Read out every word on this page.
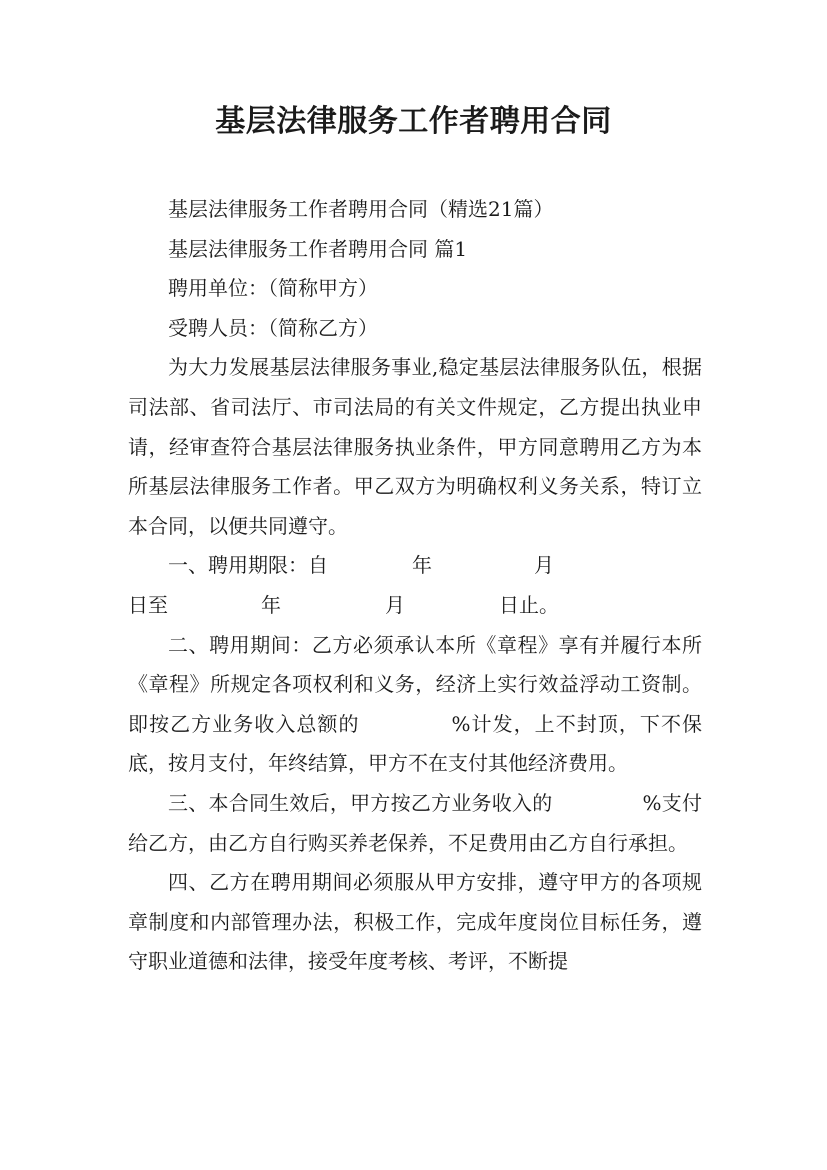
基层法律服务工作者聘用合同
基层法律服务工作者聘用合同（精选21篇）
基层法律服务工作者聘用合同 篇1
聘用单位：（简称甲方）
受聘人员：（简称乙方）
为大力发展基层法律服务事业,稳定基层法律服务队伍，根据司法部、省司法厅、市司法局的有关文件规定，乙方提出执业申请，经审查符合基层法律服务执业条件，甲方同意聘用乙方为本所基层法律服务工作者。甲乙双方为明确权利义务关系，特订立本合同，以便共同遵守。
一、聘用期限：自	年	月
日至	年	月	日止。
二、聘用期间：乙方必须承认本所《章程》享有并履行本所《章程》所规定各项权利和义务，经济上实行效益浮动工资制。即按乙方业务收入总额的	%计发，上不封顶，下不保底，按月支付，年终结算，甲方不在支付其他经济费用。
三、本合同生效后，甲方按乙方业务收入的	%支付给乙方，由乙方自行购买养老保养，不足费用由乙方自行承担。
四、乙方在聘用期间必须服从甲方安排，遵守甲方的各项规章制度和内部管理办法，积极工作，完成年度岗位目标任务，遵守职业道德和法律，接受年度考核、考评，不断提
